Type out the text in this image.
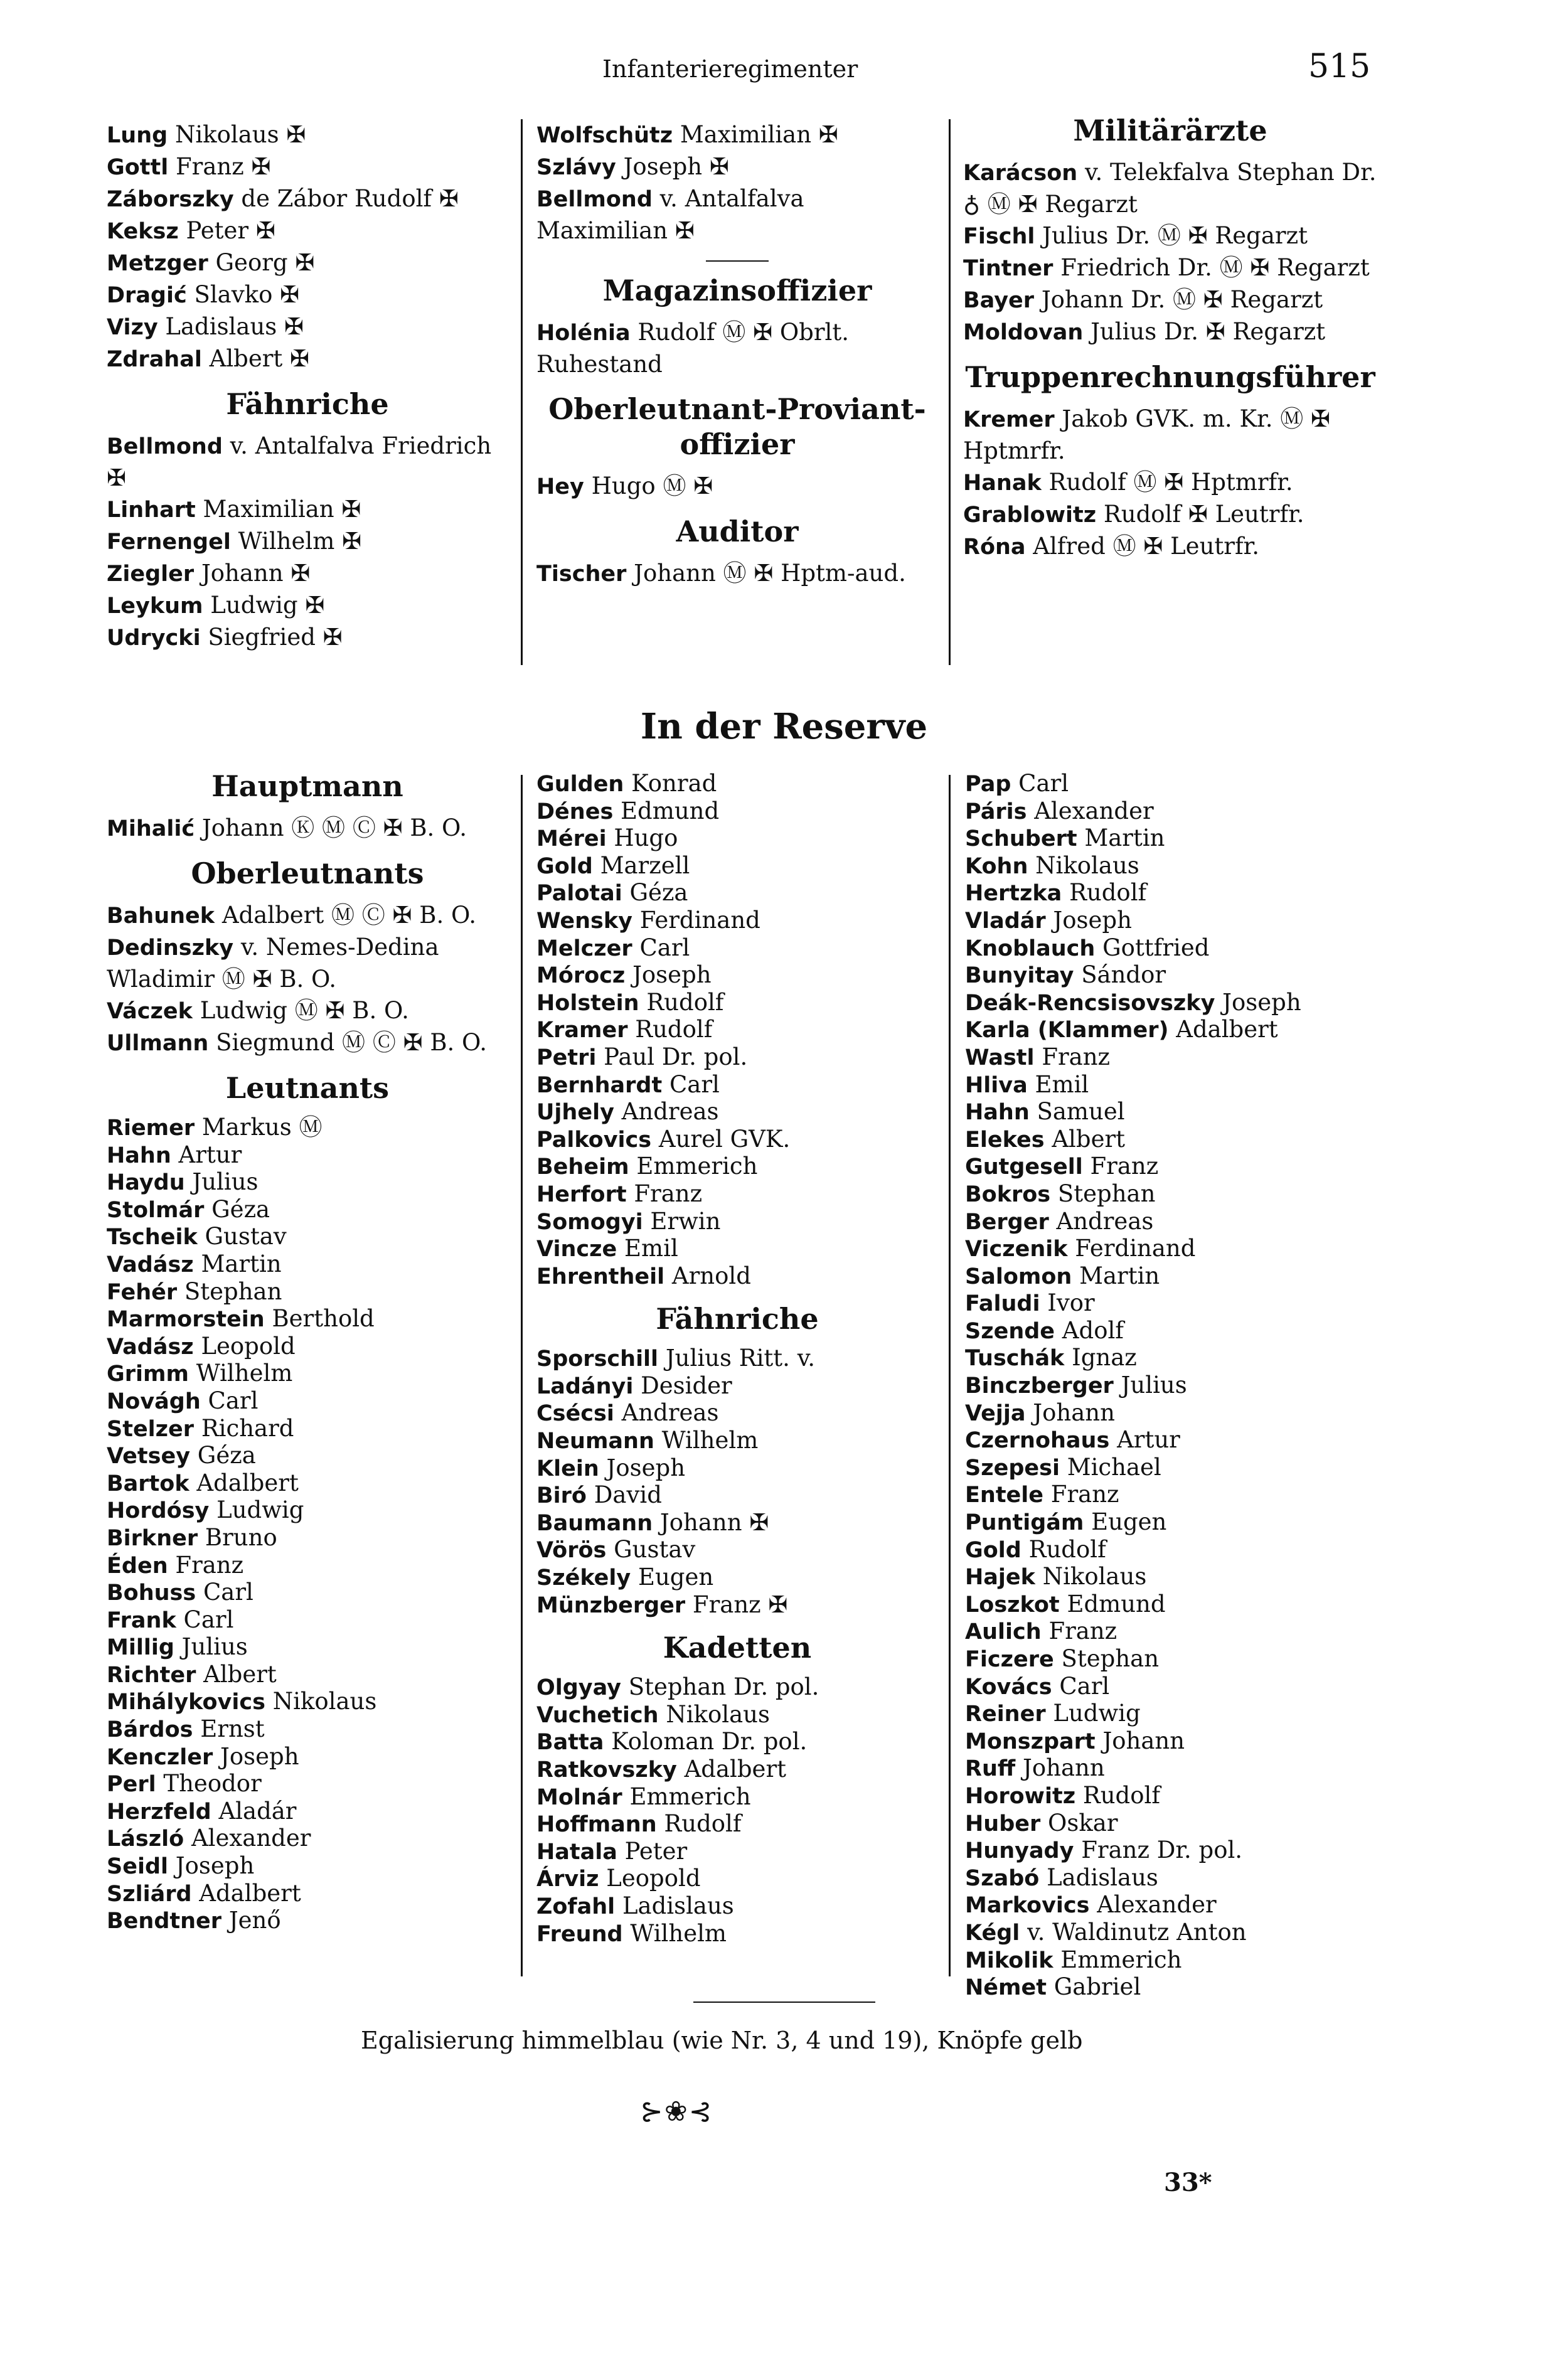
Infanterieregimenter	515
Lung Nikolaus ✠
Gottl Franz ✠
Záborszky de Zábor Rudolf ✠
Keksz Peter ✠
Metzger Georg ✠
Dragić Slavko ✠
Vizy Ladislaus ✠
Zdrahal Albert ✠
Fähnriche
Bellmond v. Antalfalva Friedrich ✠
Linhart Maximilian ✠
Fernengel Wilhelm ✠
Ziegler Johann ✠
Leykum Ludwig ✠
Udrycki Siegfried ✠
Wolfschütz Maximilian ✠
Szlávy Joseph ✠
Bellmond v. Antalfalva Maximilian ✠
Magazinsoffizier
Holénia Rudolf Ⓜ ✠ Obrlt. Ruhestand
Oberleutnant-Proviant-offizier
Hey Hugo Ⓜ ✠
Auditor
Tischer Johann Ⓜ ✠ Hptm-aud.
Militärärzte
Karácson v. Telekfalva Stephan Dr. ♁ Ⓜ ✠ Regarzt
Fischl Julius Dr. Ⓜ ✠ Regarzt
Tintner Friedrich Dr. Ⓜ ✠ Regarzt
Bayer Johann Dr. Ⓜ ✠ Regarzt
Moldovan Julius Dr. ✠ Regarzt
Truppenrechnungsführer
Kremer Jakob GVK. m. Kr. Ⓜ ✠ Hptmrfr.
Hanak Rudolf Ⓜ ✠ Hptmrfr.
Grablowitz Rudolf ✠ Leutrfr.
Róna Alfred Ⓜ ✠ Leutrfr.
In der Reserve
Hauptmann
Mihalić Johann Ⓚ Ⓜ Ⓒ ✠ B. O.
Oberleutnants
Bahunek Adalbert Ⓜ Ⓒ ✠ B. O.
Dedinszky v. Nemes-Dedina Wladimir Ⓜ ✠ B. O.
Váczek Ludwig Ⓜ ✠ B. O.
Ullmann Siegmund Ⓜ Ⓒ ✠ B. O.
Leutnants
Riemer Markus Ⓜ
Hahn Artur
Haydu Julius
Stolmár Géza
Tscheik Gustav
Vadász Martin
Fehér Stephan
Marmorstein Berthold
Vadász Leopold
Grimm Wilhelm
Novágh Carl
Stelzer Richard
Vetsey Géza
Bartok Adalbert
Hordósy Ludwig
Birkner Bruno
Éden Franz
Bohuss Carl
Frank Carl
Millig Julius
Richter Albert
Mihálykovics Nikolaus
Bárdos Ernst
Kenczler Joseph
Perl Theodor
Herzfeld Aladár
László Alexander
Seidl Joseph
Szliárd Adalbert
Bendtner Jenő
Gulden Konrad
Dénes Edmund
Mérei Hugo
Gold Marzell
Palotai Géza
Wensky Ferdinand
Melczer Carl
Mórocz Joseph
Holstein Rudolf
Kramer Rudolf
Petri Paul Dr. pol.
Bernhardt Carl
Ujhely Andreas
Palkovics Aurel GVK.
Beheim Emmerich
Herfort Franz
Somogyi Erwin
Vincze Emil
Ehrentheil Arnold
Fähnriche
Sporschill Julius Ritt. v.
Ladányi Desider
Csécsi Andreas
Neumann Wilhelm
Klein Joseph
Biró David
Baumann Johann ✠
Vörös Gustav
Székely Eugen
Münzberger Franz ✠
Kadetten
Olgyay Stephan Dr. pol.
Vuchetich Nikolaus
Batta Koloman Dr. pol.
Ratkovszky Adalbert
Molnár Emmerich
Hoffmann Rudolf
Hatala Peter
Árviz Leopold
Zofahl Ladislaus
Freund Wilhelm
Pap Carl
Páris Alexander
Schubert Martin
Kohn Nikolaus
Hertzka Rudolf
Vladár Joseph
Knoblauch Gottfried
Bunyitay Sándor
Deák-Rencsisovszky Joseph
Karla (Klammer) Adalbert
Wastl Franz
Hliva Emil
Hahn Samuel
Elekes Albert
Gutgesell Franz
Bokros Stephan
Berger Andreas
Viczenik Ferdinand
Salomon Martin
Faludi Ivor
Szende Adolf
Tuschák Ignaz
Binczberger Julius
Vejja Johann
Czernohaus Artur
Szepesi Michael
Entele Franz
Puntigám Eugen
Gold Rudolf
Hajek Nikolaus
Loszkot Edmund
Aulich Franz
Ficzere Stephan
Kovács Carl
Reiner Ludwig
Monszpart Johann
Ruff Johann
Horowitz Rudolf
Huber Oskar
Hunyady Franz Dr. pol.
Szabó Ladislaus
Markovics Alexander
Kégl v. Waldinutz Anton
Mikolik Emmerich
Német Gabriel
Egalisierung himmelblau (wie Nr. 3, 4 und 19), Knöpfe gelb
⊱❀⊰
33*
